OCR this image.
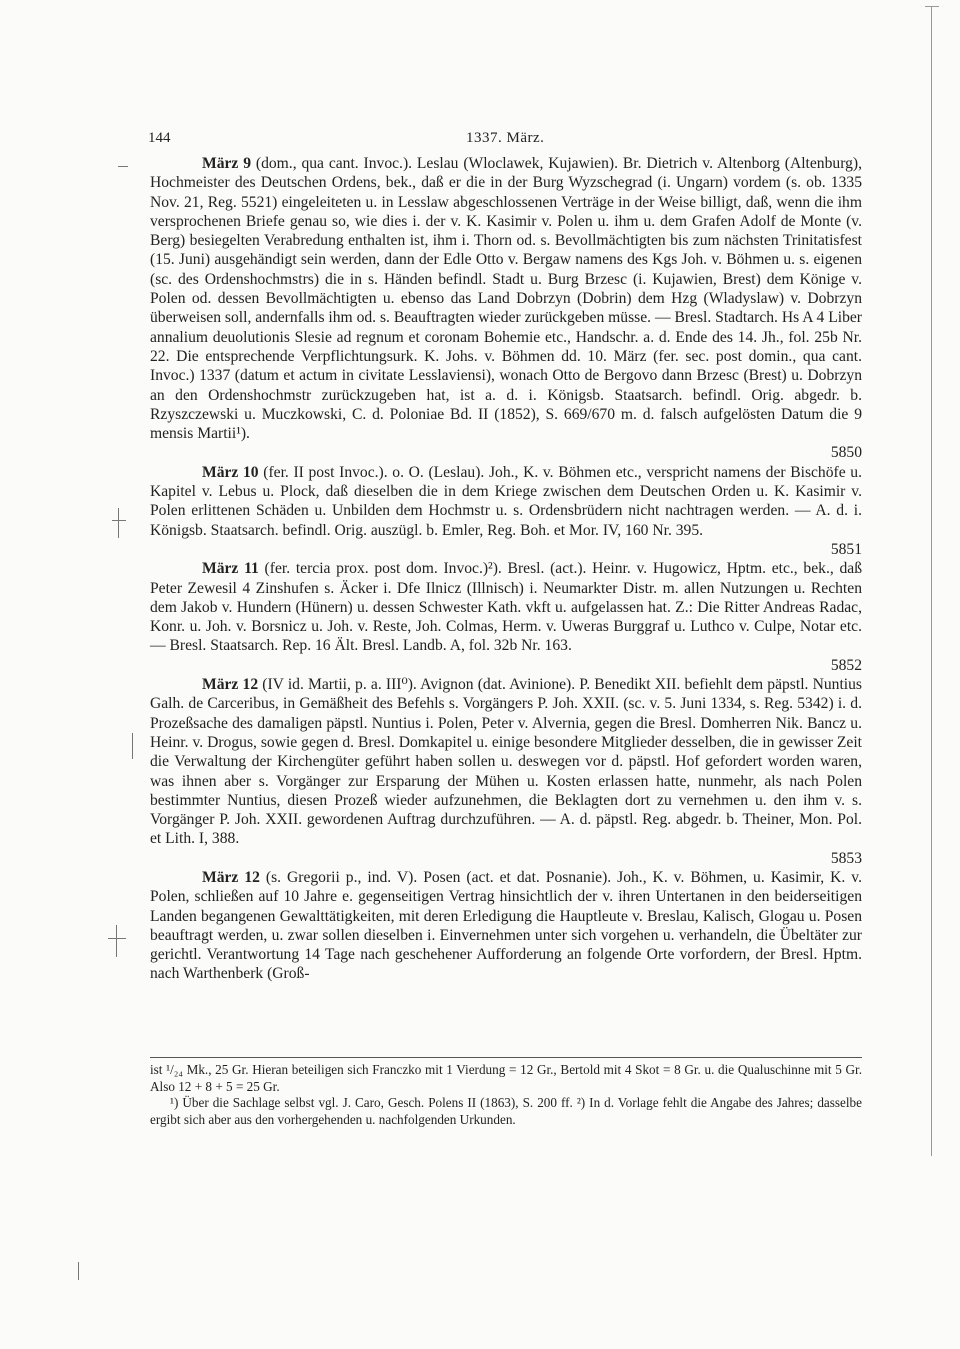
144	1337. März.

März 9 (dom., qua cant. Invoc.). Leslau (Wloclawek, Kujawien). Br. Dietrich v. Altenborg (Altenburg), Hochmeister des Deutschen Ordens, bek., daß er die in der Burg Wyzschegrad (i. Ungarn) vordem (s. ob. 1335 Nov. 21, Reg. 5521) eingeleiteten u. in Lesslaw abgeschlossenen Verträge in der Weise billigt, daß, wenn die ihm versprochenen Briefe genau so, wie dies i. der v. K. Kasimir v. Polen u. ihm u. dem Grafen Adolf de Monte (v. Berg) besiegelten Verabredung enthalten ist, ihm i. Thorn od. s. Bevollmächtigten bis zum nächsten Trinitatisfest (15. Juni) ausgehändigt sein werden, dann der Edle Otto v. Bergaw namens des Kgs Joh. v. Böhmen u. s. eigenen (sc. des Ordenshochmstrs) die in s. Händen befindl. Stadt u. Burg Brzesc (i. Kujawien, Brest) dem Könige v. Polen od. dessen Bevollmächtigten u. ebenso das Land Dobrzyn (Dobrin) dem Hzg (Wladyslaw) v. Dobrzyn überweisen soll, andernfalls ihm od. s. Beauftragten wieder zurückgeben müsse. — Bresl. Stadtarch. Hs A 4 Liber annalium deuolutionis Slesie ad regnum et coronam Bohemie etc., Handschr. a. d. Ende des 14. Jh., fol. 25b Nr. 22. Die entsprechende Verpflichtungsurk. K. Johs. v. Böhmen dd. 10. März (fer. sec. post domin., qua cant. Invoc.) 1337 (datum et actum in civitate Lesslaviensi), wonach Otto de Bergovo dann Brzesc (Brest) u. Dobrzyn an den Ordenshochmstr zurückzugeben hat, ist a. d. i. Königsb. Staatsarch. befindl. Orig. abgedr. b. Rzyszczewski u. Muczkowski, C. d. Poloniae Bd. II (1852), S. 669/670 m. d. falsch aufgelösten Datum die 9 mensis Martii¹).

5850

März 10 (fer. II post Invoc.). o. O. (Leslau). Joh., K. v. Böhmen etc., verspricht namens der Bischöfe u. Kapitel v. Lebus u. Plock, daß dieselben die in dem Kriege zwischen dem Deutschen Orden u. K. Kasimir v. Polen erlittenen Schäden u. Unbilden dem Hochmstr u. s. Ordensbrüdern nicht nachtragen werden. — A. d. i. Königsb. Staatsarch. befindl. Orig. auszügl. b. Emler, Reg. Boh. et Mor. IV, 160 Nr. 395.

5851

März 11 (fer. tercia prox. post dom. Invoc.)²). Bresl. (act.). Heinr. v. Hugowicz, Hptm. etc., bek., daß Peter Zewesil 4 Zinshufen s. Äcker i. Dfe Ilnicz (Illnisch) i. Neumarkter Distr. m. allen Nutzungen u. Rechten dem Jakob v. Hundern (Hünern) u. dessen Schwester Kath. vkft u. aufgelassen hat. Z.: Die Ritter Andreas Radac, Konr. u. Joh. v. Borsnicz u. Joh. v. Reste, Joh. Colmas, Herm. v. Uweras Burggraf u. Luthco v. Culpe, Notar etc. — Bresl. Staatsarch. Rep. 16 Ält. Bresl. Landb. A, fol. 32b Nr. 163.

5852

März 12 (IV id. Martii, p. a. III⁰). Avignon (dat. Avinione). P. Benedikt XII. befiehlt dem päpstl. Nuntius Galh. de Carceribus, in Gemäßheit des Befehls s. Vorgängers P. Joh. XXII. (sc. v. 5. Juni 1334, s. Reg. 5342) i. d. Prozeßsache des damaligen päpstl. Nuntius i. Polen, Peter v. Alvernia, gegen die Bresl. Domherren Nik. Bancz u. Heinr. v. Drogus, sowie gegen d. Bresl. Domkapitel u. einige besondere Mitglieder desselben, die in gewisser Zeit die Verwaltung der Kirchengüter geführt haben sollen u. deswegen vor d. päpstl. Hof gefordert worden waren, was ihnen aber s. Vorgänger zur Ersparung der Mühen u. Kosten erlassen hatte, nunmehr, als nach Polen bestimmter Nuntius, diesen Prozeß wieder aufzunehmen, die Beklagten dort zu vernehmen u. den ihm v. s. Vorgänger P. Joh. XXII. gewordenen Auftrag durchzuführen. — A. d. päpstl. Reg. abgedr. b. Theiner, Mon. Pol. et Lith. I, 388.

5853

März 12 (s. Gregorii p., ind. V). Posen (act. et dat. Posnanie). Joh., K. v. Böhmen, u. Kasimir, K. v. Polen, schließen auf 10 Jahre e. gegenseitigen Vertrag hinsichtlich der v. ihren Untertanen in den beiderseitigen Landen begangenen Gewalttätigkeiten, mit deren Erledigung die Hauptleute v. Breslau, Kalisch, Glogau u. Posen beauftragt werden, u. zwar sollen dieselben i. Einvernehmen unter sich vorgehen u. verhandeln, die Übeltäter zur gerichtl. Verantwortung 14 Tage nach geschehener Aufforderung an folgende Orte vorfordern, der Bresl. Hptm. nach Warthenberk (Groß-

ist ¹/₂₄ Mk., 25 Gr. Hieran beteiligen sich Franczko mit 1 Vierdung = 12 Gr., Bertold mit 4 Skot = 8 Gr. u. die Qualuschinne mit 5 Gr. Also 12 + 8 + 5 = 25 Gr.

¹) Über die Sachlage selbst vgl. J. Caro, Gesch. Polens II (1863), S. 200 ff. ²) In d. Vorlage fehlt die Angabe des Jahres; dasselbe ergibt sich aber aus den vorhergehenden u. nachfolgenden Urkunden.
